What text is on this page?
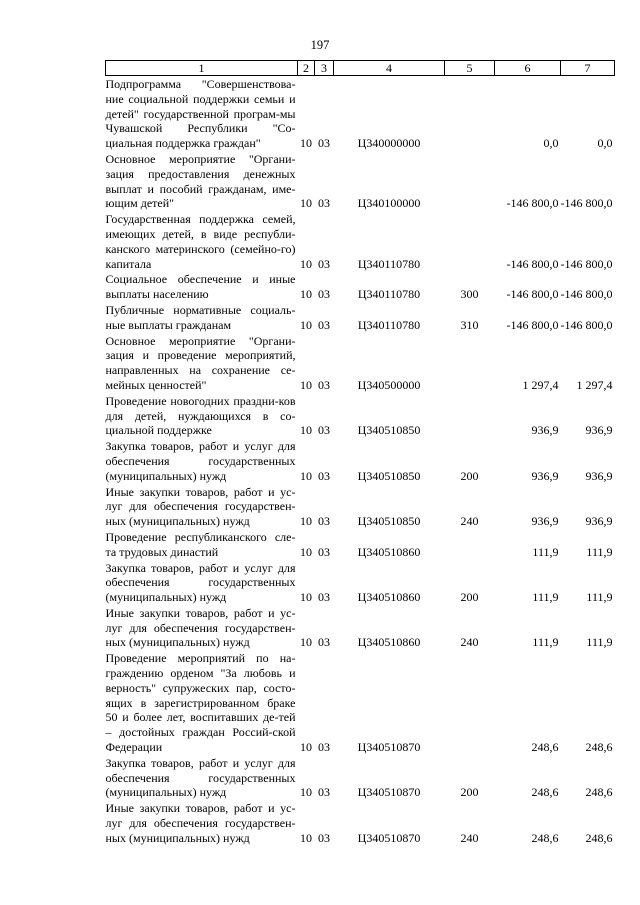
197
1	2	3	4	5	6	7
Подпрограмма "Совершенствова-ние социальной поддержки семьи и детей" государственной програм-мы Чувашской Республики "Со-циальная поддержка граждан"	10	03	Ц340000000		0,0	0,0
Основное мероприятие "Органи-зация предоставления денежных выплат и пособий гражданам, име-ющим детей"	10	03	Ц340100000		-146 800,0	-146 800,0
Государственная поддержка семей, имеющих детей, в виде республи-канского материнского (семейно-го) капитала	10	03	Ц340110780		-146 800,0	-146 800,0
Социальное обеспечение и иные выплаты населению	10	03	Ц340110780	300	-146 800,0	-146 800,0
Публичные нормативные социаль-ные выплаты гражданам	10	03	Ц340110780	310	-146 800,0	-146 800,0
Основное мероприятие "Органи-зация и проведение мероприятий, направленных на сохранение се-мейных ценностей"	10	03	Ц340500000		1 297,4	1 297,4
Проведение новогодних праздни-ков для детей, нуждающихся в со-циальной поддержке	10	03	Ц340510850		936,9	936,9
Закупка товаров, работ и услуг для обеспечения государственных (муниципальных) нужд	10	03	Ц340510850	200	936,9	936,9
Иные закупки товаров, работ и ус-луг для обеспечения государствен-ных (муниципальных) нужд	10	03	Ц340510850	240	936,9	936,9
Проведение республиканского сле-та трудовых династий	10	03	Ц340510860		111,9	111,9
Закупка товаров, работ и услуг для обеспечения государственных (муниципальных) нужд	10	03	Ц340510860	200	111,9	111,9
Иные закупки товаров, работ и ус-луг для обеспечения государствен-ных (муниципальных) нужд	10	03	Ц340510860	240	111,9	111,9
Проведение мероприятий по на-граждению орденом "За любовь и верность" супружеских пар, состо-ящих в зарегистрированном браке 50 и более лет, воспитавших де-тей – достойных граждан Россий-ской Федерации	10	03	Ц340510870		248,6	248,6
Закупка товаров, работ и услуг для обеспечения государственных (муниципальных) нужд	10	03	Ц340510870	200	248,6	248,6
Иные закупки товаров, работ и ус-луг для обеспечения государствен-ных (муниципальных) нужд	10	03	Ц340510870	240	248,6	248,6
